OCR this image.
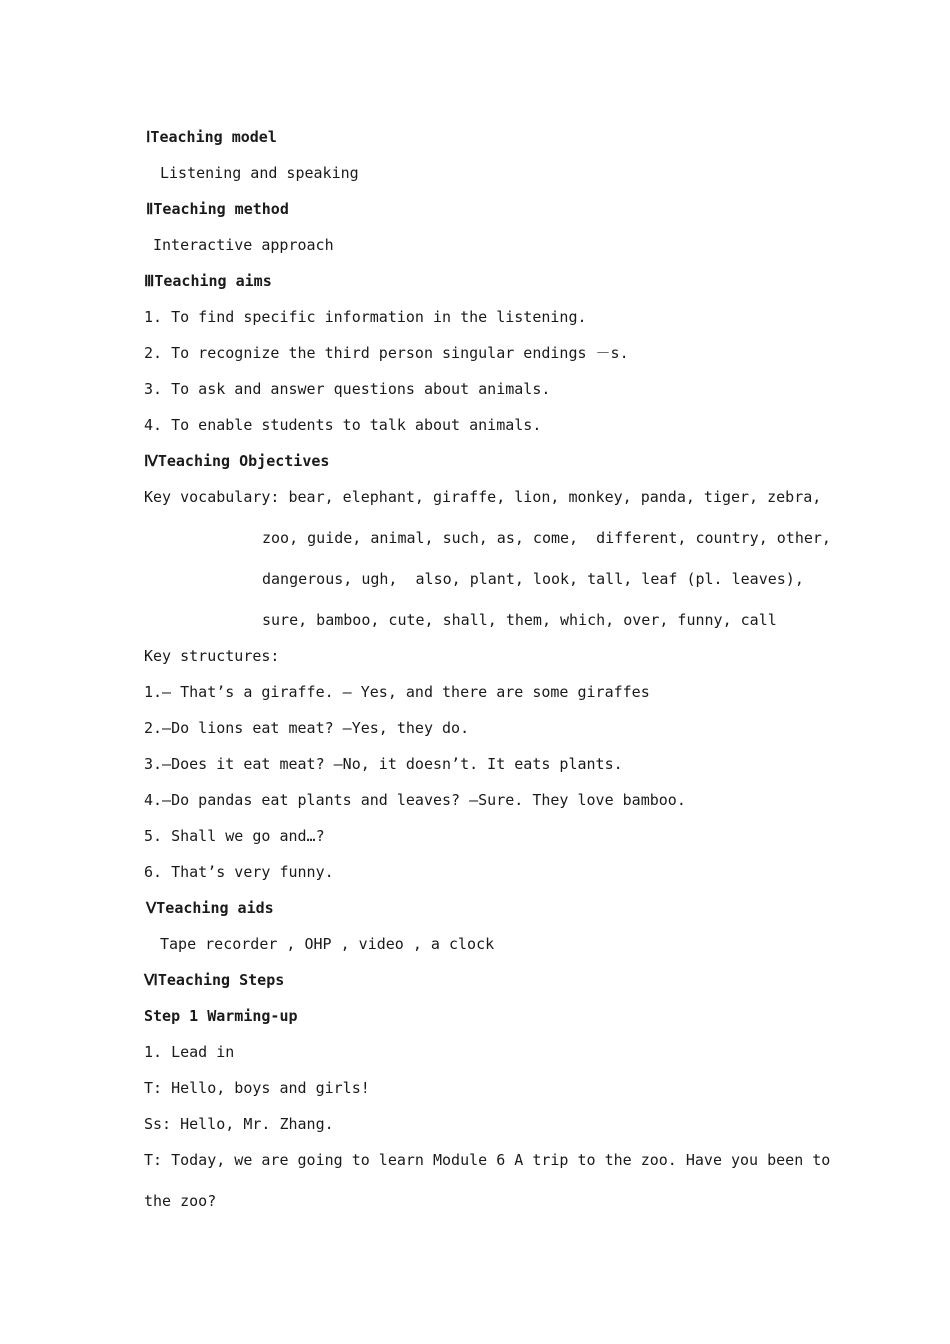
ⅠTeaching model
Listening and speaking
ⅡTeaching method
Interactive approach
ⅢTeaching aims
1. To find specific information in the listening.
2. To recognize the third person singular endings －s.
3. To ask and answer questions about animals.
4. To enable students to talk about animals.
ⅣTeaching Objectives
Key vocabulary: bear, elephant, giraffe, lion, monkey, panda, tiger, zebra,
zoo, guide, animal, such, as, come,  different, country, other,
dangerous, ugh,  also, plant, look, tall, leaf (pl. leaves),
sure, bamboo, cute, shall, them, which, over, funny, call
Key structures:
1.— That’s a giraffe. — Yes, and there are some giraffes
2.—Do lions eat meat? —Yes, they do.
3.—Does it eat meat? —No, it doesn’t. It eats plants.
4.—Do pandas eat plants and leaves? —Sure. They love bamboo.
5. Shall we go and…?
6. That’s very funny.
ⅤTeaching aids
Tape recorder , OHP , video , a clock
ⅥTeaching Steps
Step 1 Warming-up
1. Lead in
T: Hello, boys and girls!
Ss: Hello, Mr. Zhang.
T: Today, we are going to learn Module 6 A trip to the zoo. Have you been to
the zoo?
